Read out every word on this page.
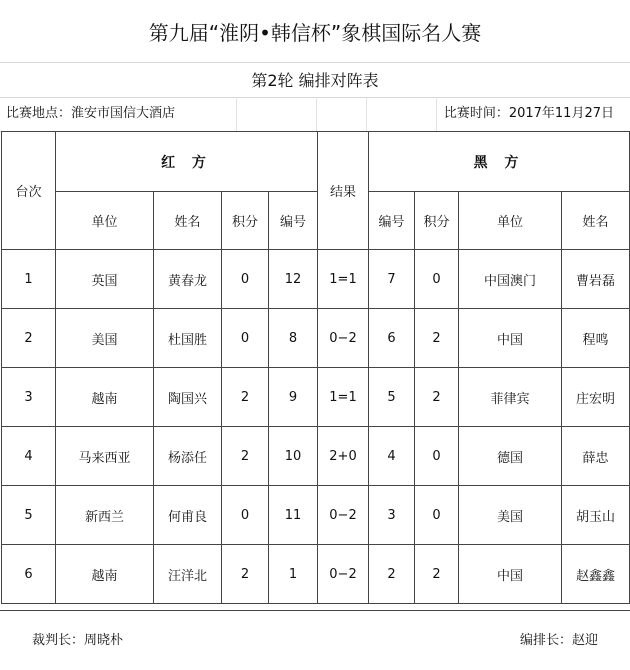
第九届“淮阴•韩信杯”象棋国际名人赛
第2轮 编排对阵表
比赛地点：淮安市国信大酒店	比赛时间：2017年11月27日
台次	红 方				结果	黑 方			
	单位	姓名	积分	编号		编号	积分	单位	姓名
1	英国	黄春龙	0	12	1=1	7	0	中国澳门	曹岩磊
2	美国	杜国胜	0	8	0−2	6	2	中国	程鸣
3	越南	陶国兴	2	9	1=1	5	2	菲律宾	庄宏明
4	马来西亚	杨添任	2	10	2+0	4	0	德国	薛忠
5	新西兰	何甫良	0	11	0−2	3	0	美国	胡玉山
6	越南	汪洋北	2	1	0−2	2	2	中国	赵鑫鑫
裁判长：周晓朴	编排长：赵迎
